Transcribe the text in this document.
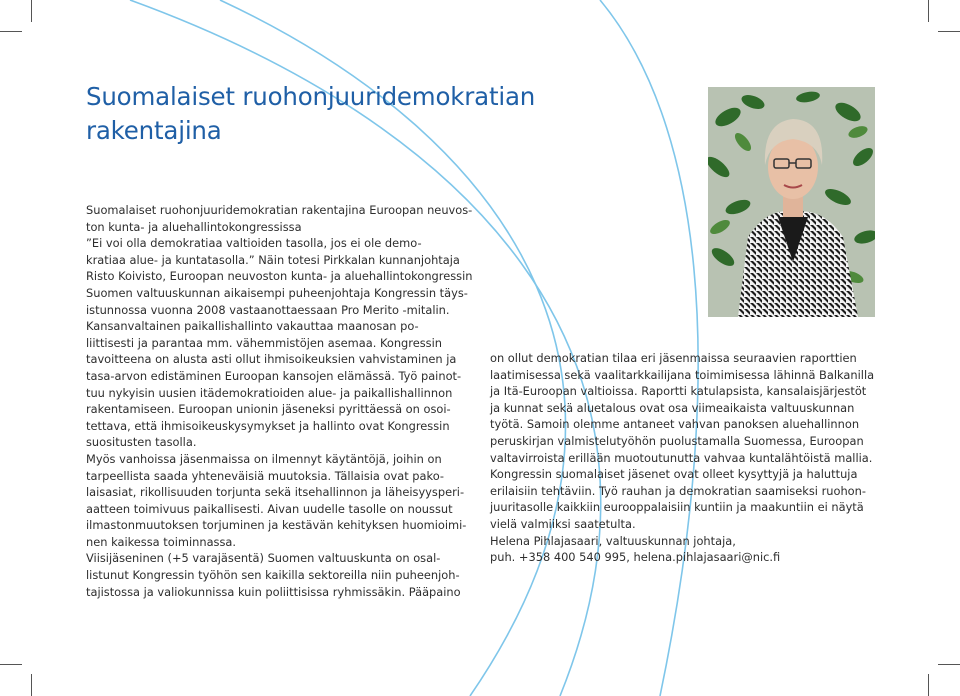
Suomalaiset ruohonjuuridemokratian
rakentajina

Suomalaiset ruohonjuuridemokratian rakentajina Euroopan neuvos-

ton kunta- ja aluehallintokongressissa

”Ei voi olla demokratiaa valtioiden tasolla, jos ei ole demo-

kratiaa alue- ja kuntatasolla.” Näin totesi Pirkkalan kunnanjohtaja

Risto Koivisto, Euroopan neuvoston kunta- ja aluehallintokongressin

Suomen valtuuskunnan aikaisempi puheenjohtaja Kongressin täys-

istunnossa vuonna 2008 vastaanottaessaan Pro Merito -mitalin.

Kansanvaltainen paikallishallinto vakauttaa maanosan po-

liittisesti ja parantaa mm. vähemmistöjen asemaa. Kongressin

tavoitteena on alusta asti ollut ihmisoikeuksien vahvistaminen ja

tasa-arvon edistäminen Euroopan kansojen elämässä. Työ painot-

tuu nykyisin uusien itädemokratioiden alue- ja paikallishallinnon

rakentamiseen. Euroopan unionin jäseneksi pyrittäessä on osoi-

tettava, että ihmisoikeuskysymykset ja hallinto ovat Kongressin

suositusten tasolla.

Myös vanhoissa jäsenmaissa on ilmennyt käytäntöjä, joihin on

tarpeellista saada yhteneväisiä muutoksia. Tällaisia ovat pako-

laisasiat, rikollisuuden torjunta sekä itsehallinnon ja läheisyysperi-

aatteen toimivuus paikallisesti. Aivan uudelle tasolle on noussut

ilmastonmuutoksen torjuminen ja kestävän kehityksen huomioimi-

nen kaikessa toiminnassa.

Viisijäseninen (+5 varajäsentä) Suomen valtuuskunta on osal-

listunut Kongressin työhön sen kaikilla sektoreilla niin puheenjoh-

tajistossa ja valiokunnissa kuin poliittisissa ryhmissäkin. Pääpaino

on ollut demokratian tilaa eri jäsenmaissa seuraavien raporttien

laatimisessa sekä vaalitarkkailijana toimimisessa lähinnä Balkanilla

ja Itä-Euroopan valtioissa. Raportti katulapsista, kansalaisjärjestöt

ja kunnat sekä aluetalous ovat osa viimeaikaista valtuuskunnan

työtä. Samoin olemme antaneet vahvan panoksen aluehallinnon

peruskirjan valmistelutyöhön puolustamalla Suomessa, Euroopan

valtavirroista erillään muotoutunutta vahvaa kuntalähtöistä mallia.

Kongressin suomalaiset jäsenet ovat olleet kysyttyjä ja haluttuja

erilaisiin tehtäviin. Työ rauhan ja demokratian saamiseksi ruohon-

juuritasolle kaikkiin eurooppalaisiin kuntiin ja maakuntiin ei näytä

vielä valmiiksi saatetulta.

Helena Pihlajasaari, valtuuskunnan johtaja,

puh. +358 400 540 995, helena.pihlajasaari@nic.fi
